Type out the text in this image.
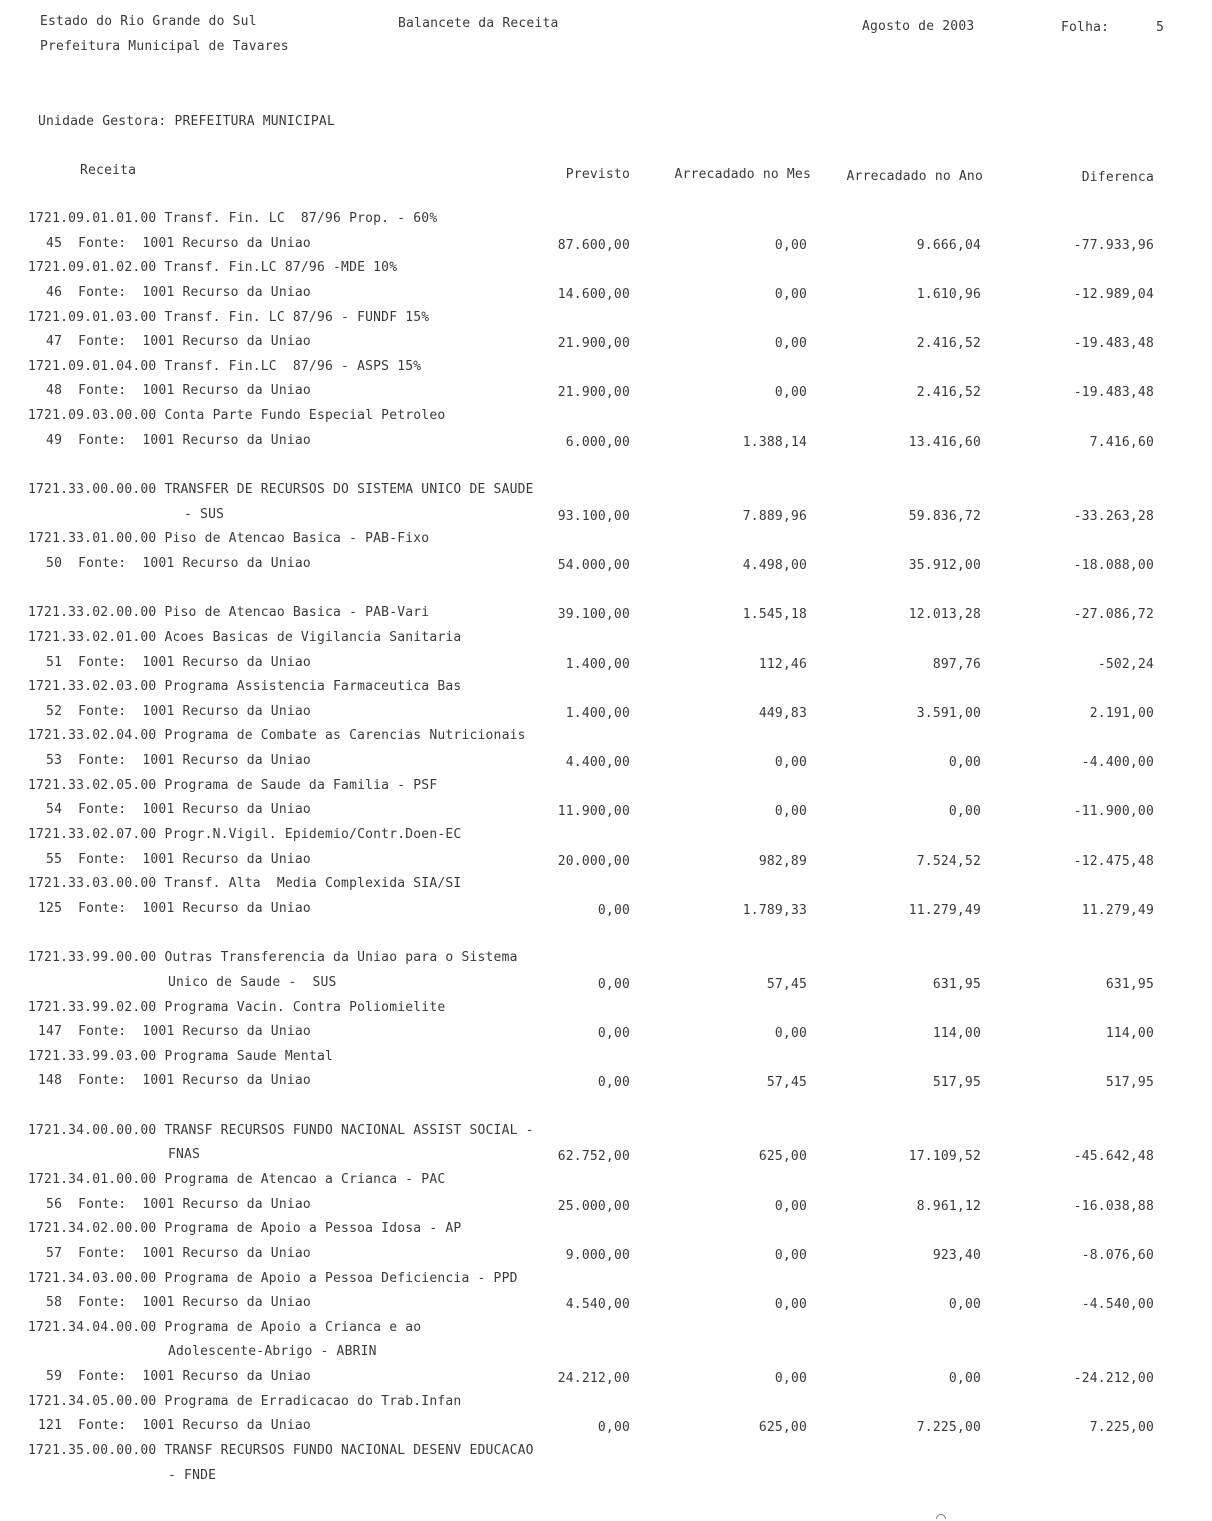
Estado do Rio Grande do Sul
Prefeitura Municipal de Tavares
Balancete da Receita	Agosto de 2003	Folha:	5
Unidade Gestora: PREFEITURA MUNICIPAL
Receita	Previsto	Arrecadado no Mes	Arrecadado no Ano	Diferenca
1721.09.01.01.00 Transf. Fin. LC  87/96 Prop. - 60%
45  Fonte:  1001 Recurso da Uniao	87.600,00	0,00	9.666,04	-77.933,96
1721.09.01.02.00 Transf. Fin.LC 87/96 -MDE 10%
46  Fonte:  1001 Recurso da Uniao	14.600,00	0,00	1.610,96	-12.989,04
1721.09.01.03.00 Transf. Fin. LC 87/96 - FUNDF 15%
47  Fonte:  1001 Recurso da Uniao	21.900,00	0,00	2.416,52	-19.483,48
1721.09.01.04.00 Transf. Fin.LC  87/96 - ASPS 15%
48  Fonte:  1001 Recurso da Uniao	21.900,00	0,00	2.416,52	-19.483,48
1721.09.03.00.00 Conta Parte Fundo Especial Petroleo
49  Fonte:  1001 Recurso da Uniao	6.000,00	1.388,14	13.416,60	7.416,60
1721.33.00.00.00 TRANSFER DE RECURSOS DO SISTEMA UNICO DE SAUDE
- SUS	93.100,00	7.889,96	59.836,72	-33.263,28
1721.33.01.00.00 Piso de Atencao Basica - PAB-Fixo
50  Fonte:  1001 Recurso da Uniao	54.000,00	4.498,00	35.912,00	-18.088,00
1721.33.02.00.00 Piso de Atencao Basica - PAB-Vari	39.100,00	1.545,18	12.013,28	-27.086,72
1721.33.02.01.00 Acoes Basicas de Vigilancia Sanitaria
51  Fonte:  1001 Recurso da Uniao	1.400,00	112,46	897,76	-502,24
1721.33.02.03.00 Programa Assistencia Farmaceutica Bas
52  Fonte:  1001 Recurso da Uniao	1.400,00	449,83	3.591,00	2.191,00
1721.33.02.04.00 Programa de Combate as Carencias Nutricionais
53  Fonte:  1001 Recurso da Uniao	4.400,00	0,00	0,00	-4.400,00
1721.33.02.05.00 Programa de Saude da Familia - PSF
54  Fonte:  1001 Recurso da Uniao	11.900,00	0,00	0,00	-11.900,00
1721.33.02.07.00 Progr.N.Vigil. Epidemio/Contr.Doen-EC
55  Fonte:  1001 Recurso da Uniao	20.000,00	982,89	7.524,52	-12.475,48
1721.33.03.00.00 Transf. Alta  Media Complexida SIA/SI
125  Fonte:  1001 Recurso da Uniao	0,00	1.789,33	11.279,49	11.279,49
1721.33.99.00.00 Outras Transferencia da Uniao para o Sistema
Unico de Saude -  SUS	0,00	57,45	631,95	631,95
1721.33.99.02.00 Programa Vacin. Contra Poliomielite
147  Fonte:  1001 Recurso da Uniao	0,00	0,00	114,00	114,00
1721.33.99.03.00 Programa Saude Mental
148  Fonte:  1001 Recurso da Uniao	0,00	57,45	517,95	517,95
1721.34.00.00.00 TRANSF RECURSOS FUNDO NACIONAL ASSIST SOCIAL -
FNAS	62.752,00	625,00	17.109,52	-45.642,48
1721.34.01.00.00 Programa de Atencao a Crianca - PAC
56  Fonte:  1001 Recurso da Uniao	25.000,00	0,00	8.961,12	-16.038,88
1721.34.02.00.00 Programa de Apoio a Pessoa Idosa - AP
57  Fonte:  1001 Recurso da Uniao	9.000,00	0,00	923,40	-8.076,60
1721.34.03.00.00 Programa de Apoio a Pessoa Deficiencia - PPD
58  Fonte:  1001 Recurso da Uniao	4.540,00	0,00	0,00	-4.540,00
1721.34.04.00.00 Programa de Apoio a Crianca e ao
Adolescente-Abrigo - ABRIN
59  Fonte:  1001 Recurso da Uniao	24.212,00	0,00	0,00	-24.212,00
1721.34.05.00.00 Programa de Erradicacao do Trab.Infan
121  Fonte:  1001 Recurso da Uniao	0,00	625,00	7.225,00	7.225,00
1721.35.00.00.00 TRANSF RECURSOS FUNDO NACIONAL DESENV EDUCACAO
- FNDE
